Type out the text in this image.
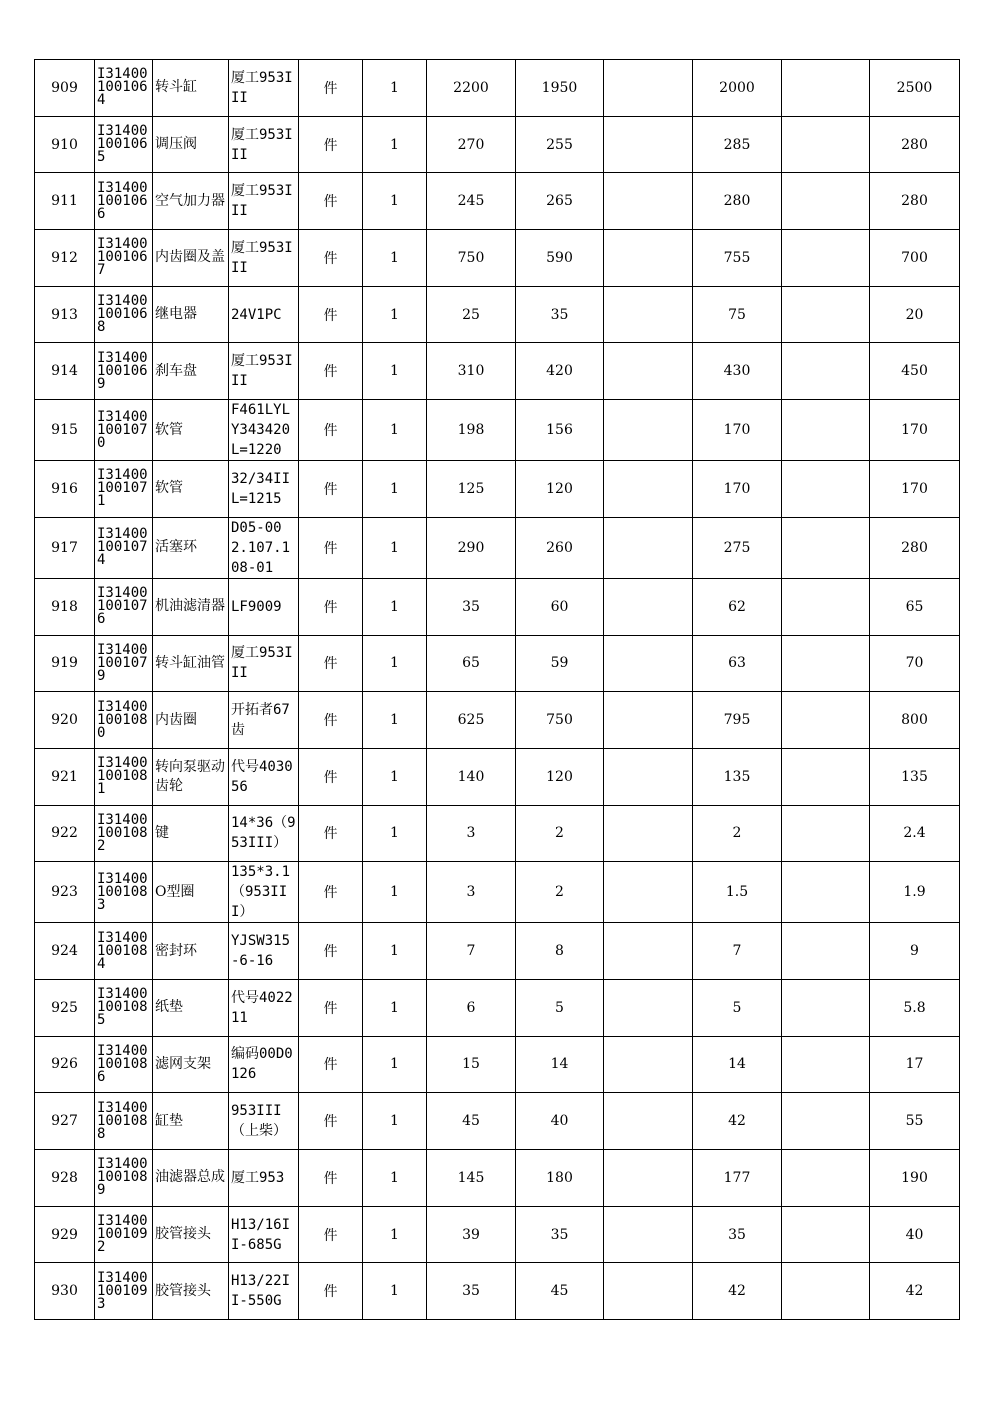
909	I31400100106 4	转斗缸	厦工953III	件	1	2200	1950		2000		2500
910	I31400100106 5	调压阀	厦工953III	件	1	270	255		285		280
911	I31400100106 6	空气加力器	厦工953III	件	1	245	265		280		280
912	I31400100106 7	内齿圈及盖	厦工953III	件	1	750	590		755		700
913	I31400100106 8	继电器	24V1PC	件	1	25	35		75		20
914	I31400100106 9	刹车盘	厦工953III	件	1	310	420		430		450
915	I31400100107 0	软管	F461LYLY343420L=1220	件	1	198	156		170		170
916	I31400100107 1	软管	32/34II L=1215	件	1	125	120		170		170
917	I31400100107 4	活塞环	D05-002.107.108-01	件	1	290	260		275		280
918	I31400100107 6	机油滤清器	LF9009	件	1	35	60		62		65
919	I31400100107 9	转斗缸油管	厦工953III	件	1	65	59		63		70
920	I31400100108 0	内齿圈	开拓者67齿	件	1	625	750		795		800
921	I31400100108 1	转向泵驱动齿轮	代号403056	件	1	140	120		135		135
922	I31400100108 2	键	14*36（953III）	件	1	3	2		2		2.4
923	I31400100108 3	O型圈	135*3.1（953III）	件	1	3	2		1.5		1.9
924	I31400100108 4	密封环	YJSW315-6-16	件	1	7	8		7		9
925	I31400100108 5	纸垫	代号402211	件	1	6	5		5		5.8
926	I31400100108 6	滤网支架	编码00D0126	件	1	15	14		14		17
927	I31400100108 8	缸垫	953III（上柴）	件	1	45	40		42		55
928	I31400100108 9	油滤器总成	厦工953	件	1	145	180		177		190
929	I31400100109 2	胶管接头	H13/16II-685G	件	1	39	35		35		40
930	I31400100109 3	胶管接头	H13/22II-550G	件	1	35	45		42		42
